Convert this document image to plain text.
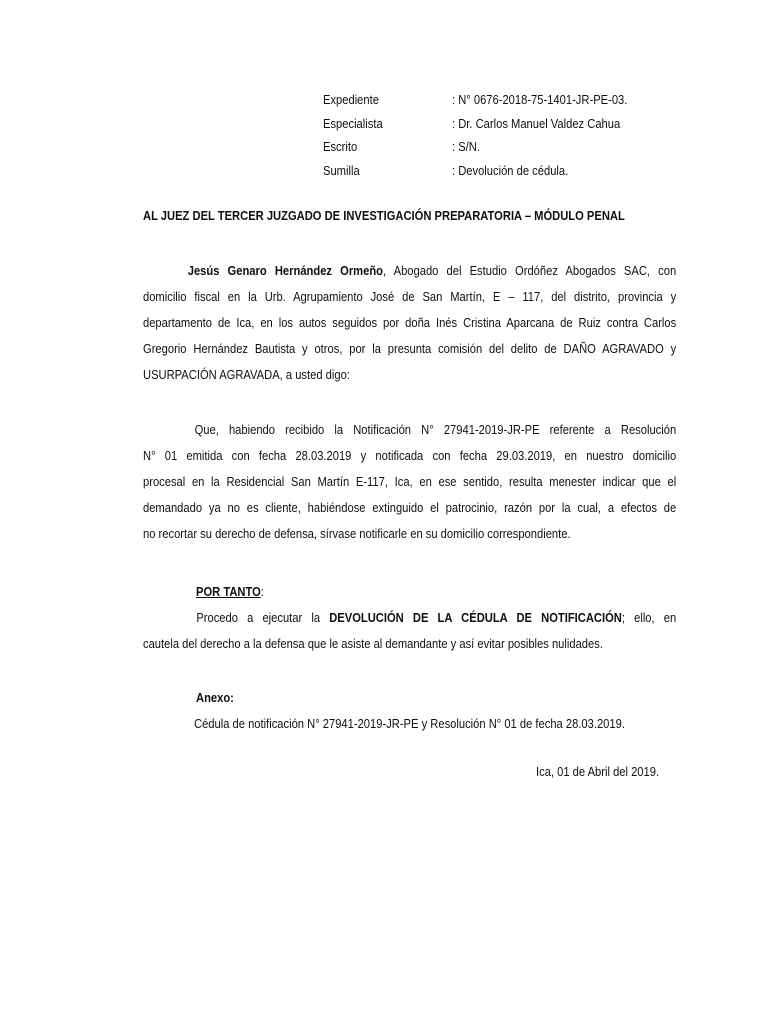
Expediente	: N° 0676-2018-75-1401-JR-PE-03.
Especialista	: Dr. Carlos Manuel Valdez Cahua
Escrito	: S/N.
Sumilla	: Devolución de cédula.
AL JUEZ DEL TERCER JUZGADO DE INVESTIGACIÓN PREPARATORIA – MÓDULO PENAL
Jesús Genaro Hernández Ormeño, Abogado del Estudio Ordóñez Abogados SAC, con
domicilio fiscal en la Urb. Agrupamiento José de San Martín, E – 117, del distrito, provincia y
departamento de Ica, en los autos seguidos por doña Inés Cristina Aparcana de Ruiz contra Carlos
Gregorio Hernández Bautista y otros, por la presunta comisión del delito de DAÑO AGRAVADO y
USURPACIÓN AGRAVADA, a usted digo:
Que, habiendo recibido la Notificación N° 27941-2019-JR-PE referente a Resolución
N° 01 emitida con fecha 28.03.2019 y notificada con fecha 29.03.2019, en nuestro domicilio
procesal en la Residencial San Martín E-117, Ica, en ese sentido, resulta menester indicar que el
demandado ya no es cliente, habiéndose extinguido el patrocinio, razón por la cual, a efectos de
no recortar su derecho de defensa, sírvase notificarle en su domicilio correspondiente.
POR TANTO:
Procedo a ejecutar la DEVOLUCIÓN DE LA CÉDULA DE NOTIFICACIÓN; ello, en
cautela del derecho a la defensa que le asiste al demandante y así evitar posibles nulidades.
Anexo:
Cédula de notificación N° 27941-2019-JR-PE y Resolución N° 01 de fecha 28.03.2019.
Ica, 01 de Abril del 2019.
